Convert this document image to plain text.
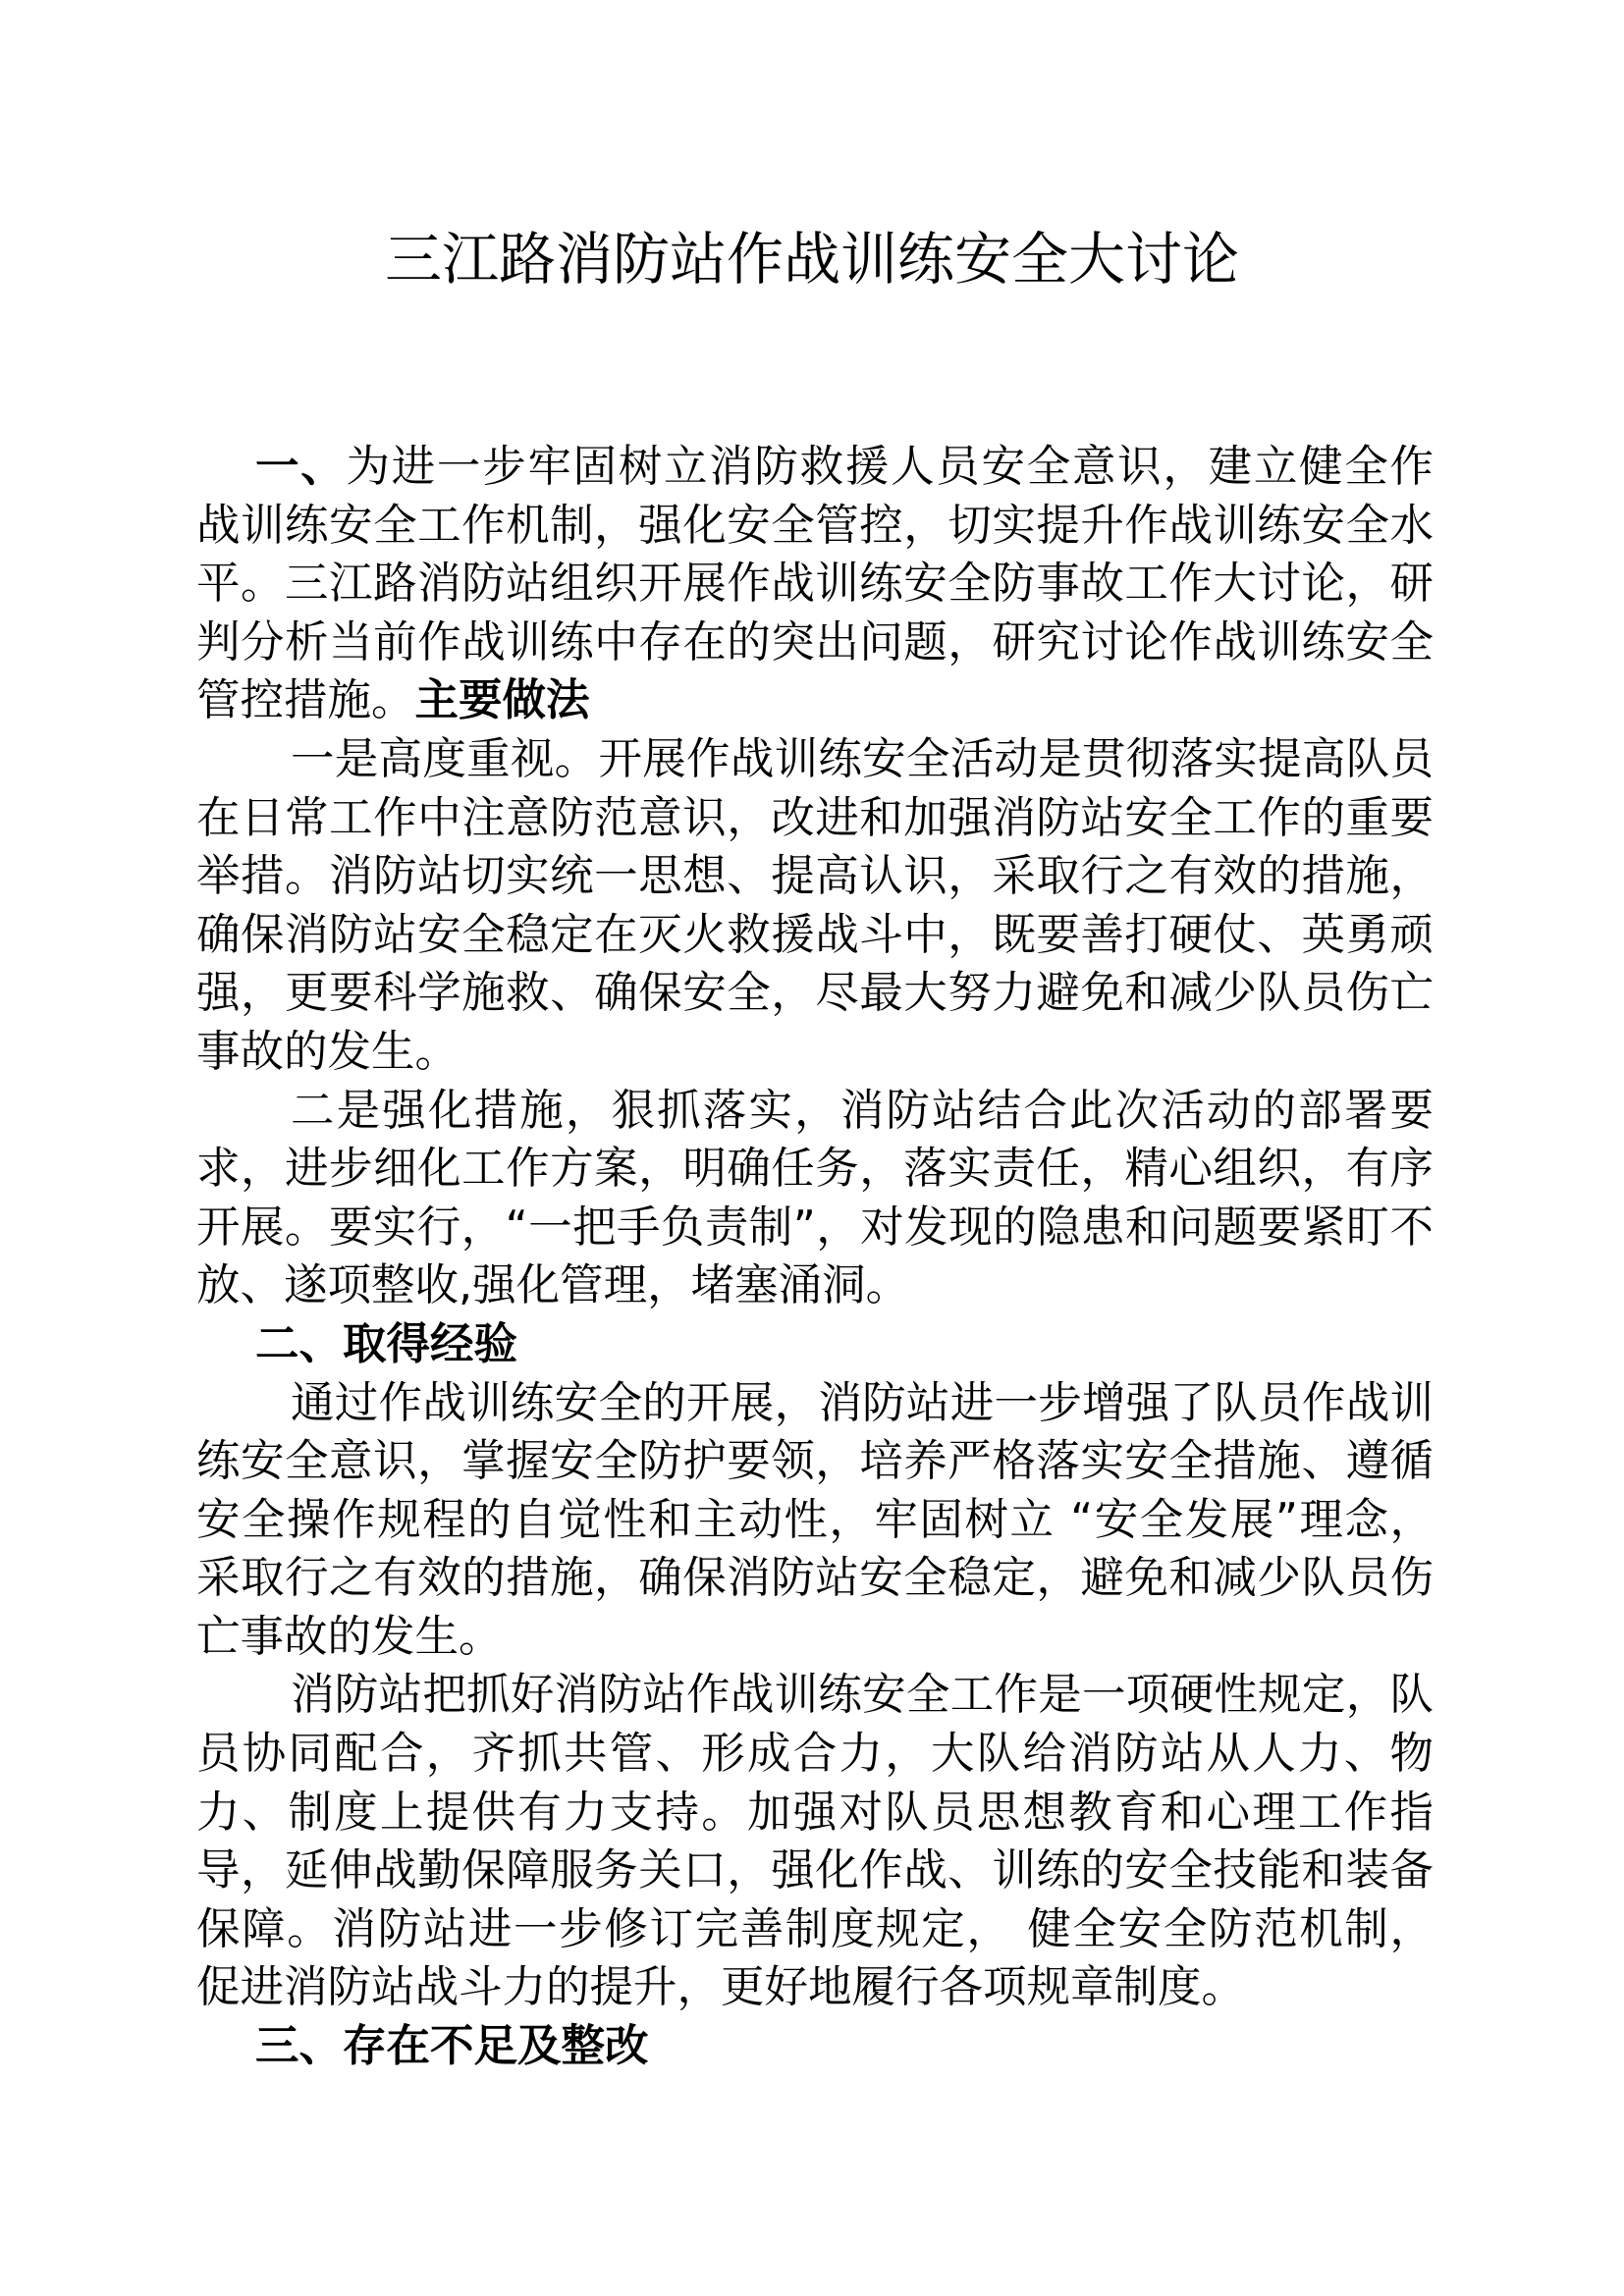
三江路消防站作战训练安全大讨论

一、为进一步牢固树立消防救援人员安全意识，建立健全作战训练安全工作机制，强化安全管控，切实提升作战训练安全水平。三江路消防站组织开展作战训练安全防事故工作大讨论，研判分析当前作战训练中存在的突出问题，研究讨论作战训练安全管控措施。主要做法

一是高度重视。开展作战训练安全活动是贯彻落实提高队员在日常工作中注意防范意识，改进和加强消防站安全工作的重要举措。消防站切实统一思想、提高认识，采取行之有效的措施，确保消防站安全稳定在灭火救援战斗中，既要善打硬仗、英勇顽强，更要科学施救、确保安全，尽最大努力避免和减少队员伤亡事故的发生。

二是强化措施，狠抓落实，消防站结合此次活动的部署要求，进步细化工作方案，明确任务，落实责任，精心组织，有序开展。要实行，“一把手负责制”，对发现的隐患和问题要紧盯不放、遂项整收,强化管理，堵塞涌洞。

二、取得经验

通过作战训练安全的开展，消防站进一步增强了队员作战训练安全意识，掌握安全防护要领，培养严格落实安全措施、遵循安全操作规程的自觉性和主动性，牢固树立 “安全发展”理念，采取行之有效的措施，确保消防站安全稳定，避免和减少队员伤亡事故的发生。

消防站把抓好消防站作战训练安全工作是一项硬性规定，队员协同配合，齐抓共管、形成合力，大队给消防站从人力、物力、制度上提供有力支持。加强对队员思想教育和心理工作指导，延伸战勤保障服务关口，强化作战、训练的安全技能和装备保障。消防站进一步修订完善制度规定， 健全安全防范机制，促进消防站战斗力的提升，更好地履行各项规章制度。

三、存在不足及整改
